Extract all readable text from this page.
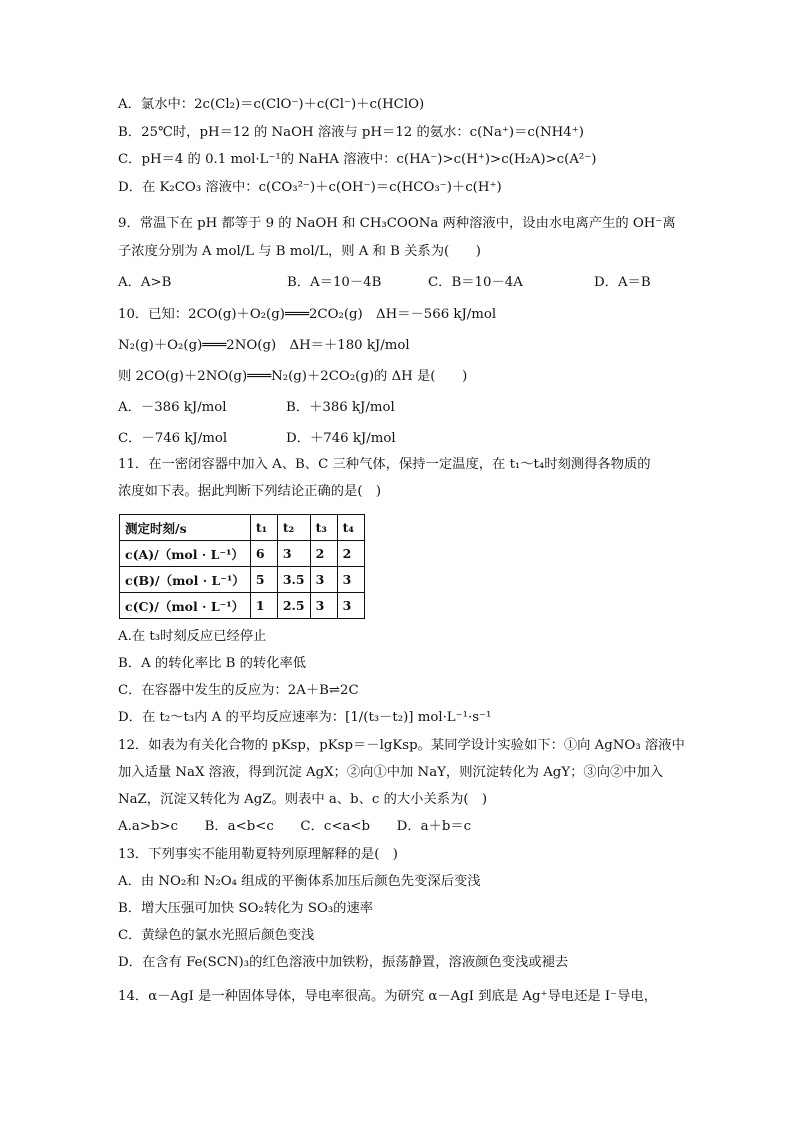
A．氯水中：2c(Cl₂)＝c(ClO⁻)＋c(Cl⁻)＋c(HClO)

B．25℃时，pH＝12 的 NaOH 溶液与 pH＝12 的氨水：c(Na⁺)＝c(NH4⁺)

C．pH＝4 的 0.1 mol·L⁻¹的 NaHA 溶液中：c(HA⁻)>c(H⁺)>c(H₂A)>c(A²⁻)

D．在 K₂CO₃ 溶液中：c(CO₃²⁻)＋c(OH⁻)＝c(HCO₃⁻)＋c(H⁺)

9．常温下在 pH 都等于 9 的 NaOH 和 CH₃COONa 两种溶液中，设由水电离产生的 OH⁻离

子浓度分别为 A mol/L 与 B mol/L，则 A 和 B 关系为(　　)

A．A>B	B．A＝10－4B	C．B＝10－4A	D．A＝B

10．已知：2CO(g)＋O₂(g)═══2CO₂(g)　ΔH＝－566 kJ/mol

N₂(g)＋O₂(g)═══2NO(g)　ΔH＝＋180 kJ/mol

则 2CO(g)＋2NO(g)═══N₂(g)＋2CO₂(g)的 ΔH 是(　　)

A．－386 kJ/mol	B．＋386 kJ/mol
C．－746 kJ/mol	D．＋746 kJ/mol

11．在一密闭容器中加入 A、B、C 三种气体，保持一定温度，在 t₁～t₄时刻测得各物质的

浓度如下表。据此判断下列结论正确的是(　)

测定时刻/s	t₁	t₂	t₃	t₄
c(A)/（mol · L⁻¹）	6	3	2	2
c(B)/（mol · L⁻¹）	5	3.5	3	3
c(C)/（mol · L⁻¹）	1	2.5	3	3

A.在 t₃时刻反应已经停止

B．A 的转化率比 B 的转化率低

C．在容器中发生的反应为：2A＋B⇌2C

D．在 t₂～t₃内 A 的平均反应速率为：[1/(t₃－t₂)] mol·L⁻¹·s⁻¹

12．如表为有关化合物的 pKsp，pKsp＝－lgKsp。某同学设计实验如下：①向 AgNO₃ 溶液中

加入适量 NaX 溶液，得到沉淀 AgX；②向①中加 NaY，则沉淀转化为 AgY；③向②中加入

NaZ，沉淀又转化为 AgZ。则表中 a、b、c 的大小关系为(　)

A.a>b>c　　B．a<b<c　　C．c<a<b　　D．a＋b＝c

13．下列事实不能用勒夏特列原理解释的是(　)

A．由 NO₂和 N₂O₄ 组成的平衡体系加压后颜色先变深后变浅

B．增大压强可加快 SO₂转化为 SO₃的速率

C．黄绿色的氯水光照后颜色变浅

D．在含有 Fe(SCN)₃的红色溶液中加铁粉，振荡静置，溶液颜色变浅或褪去

14．α－AgI 是一种固体导体，导电率很高。为研究 α－AgI 到底是 Ag⁺导电还是 I⁻导电，
